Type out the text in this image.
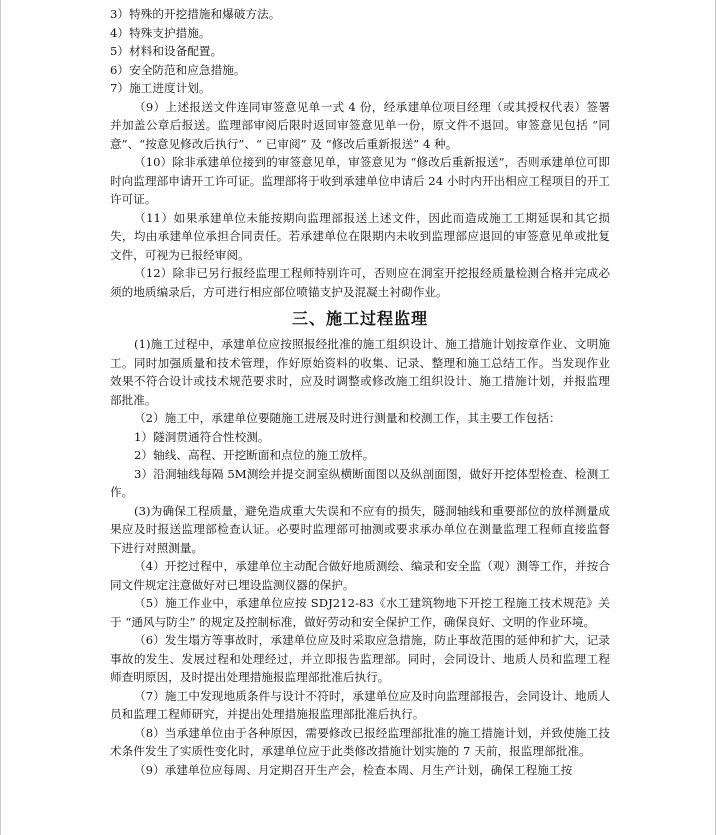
3）特殊的开挖措施和爆破方法。

4）特殊支护措施。

5）材料和设备配置。

6）安全防范和应急措施。

7）施工进度计划。

（9）上述报送文件连同审签意见单一式 4 份，经承建单位项目经理（或其授权代表）签署并加盖公章后报送。监理部审阅后限时返回审签意见单一份，原文件不退回。审签意见包括 “同意”、“按意见修改后执行”、“ 已审阅” 及 “修改后重新报送” 4 种。

（10）除非承建单位接到的审签意见单，审签意见为 “修改后重新报送”，否则承建单位可即时向监理部申请开工许可证。监理部将于收到承建单位申请后 24 小时内开出相应工程项目的开工许可证。

（11）如果承建单位未能按期向监理部报送上述文件，因此而造成施工工期延误和其它损失，均由承建单位承担合同责任。若承建单位在限期内未收到监理部应退回的审签意见单或批复文件，可视为已报经审阅。

（12）除非已另行报经监理工程师特别许可，否则应在洞室开挖报经质量检测合格并完成必须的地质编录后，方可进行相应部位喷锚支护及混凝土衬砌作业。

三、施工过程监理

(1)施工过程中，承建单位应按照报经批准的施工组织设计、施工措施计划按章作业、文明施工。同时加强质量和技术管理，作好原始资料的收集、记录、整理和施工总结工作。当发现作业效果不符合设计或技术规范要求时，应及时调整或修改施工组织设计、施工措施计划，并报监理部批准。

（2）施工中，承建单位要随施工进展及时进行测量和校测工作，其主要工作包括：

1）隧洞贯通符合性校测。

2）轴线、高程、开挖断面和点位的施工放样。

3）沿洞轴线每隔 5M测绘并提交洞室纵横断面图以及纵剖面图，做好开挖体型检查、检测工作。

(3)为确保工程质量，避免造成重大失误和不应有的损失，隧洞轴线和重要部位的放样测量成果应及时报送监理部检查认证。必要时监理部可抽测或要求承办单位在测量监理工程师直接监督下进行对照测量。

（4）开挖过程中，承建单位主动配合做好地质测绘、编录和安全监（观）测等工作，并按合同文件规定注意做好对已埋设监测仪器的保护。

（5）施工作业中，承建单位应按 SDJ212-83《水工建筑物地下开挖工程施工技术规范》关于 “通风与防尘” 的规定及控制标准，做好劳动和安全保护工作，确保良好、文明的作业环境。

（6）发生塌方等事故时，承建单位应及时采取应急措施，防止事故范围的延伸和扩大，记录事故的发生、发展过程和处理经过，并立即报告监理部。同时，会同设计、地质人员和监理工程师查明原因，及时提出处理措施报监理部批准后执行。

（7）施工中发现地质条件与设计不符时，承建单位应及时向监理部报告，会同设计、地质人员和监理工程师研究，并提出处理措施报监理部批准后执行。

（8）当承建单位由于各种原因，需要修改已报经监理部批准的施工措施计划，并致使施工技术条件发生了实质性变化时，承建单位应于此类修改措施计划实施的 7 天前，报监理部批准。

（9）承建单位应每周、月定期召开生产会，检查本周、月生产计划，确保工程施工按
